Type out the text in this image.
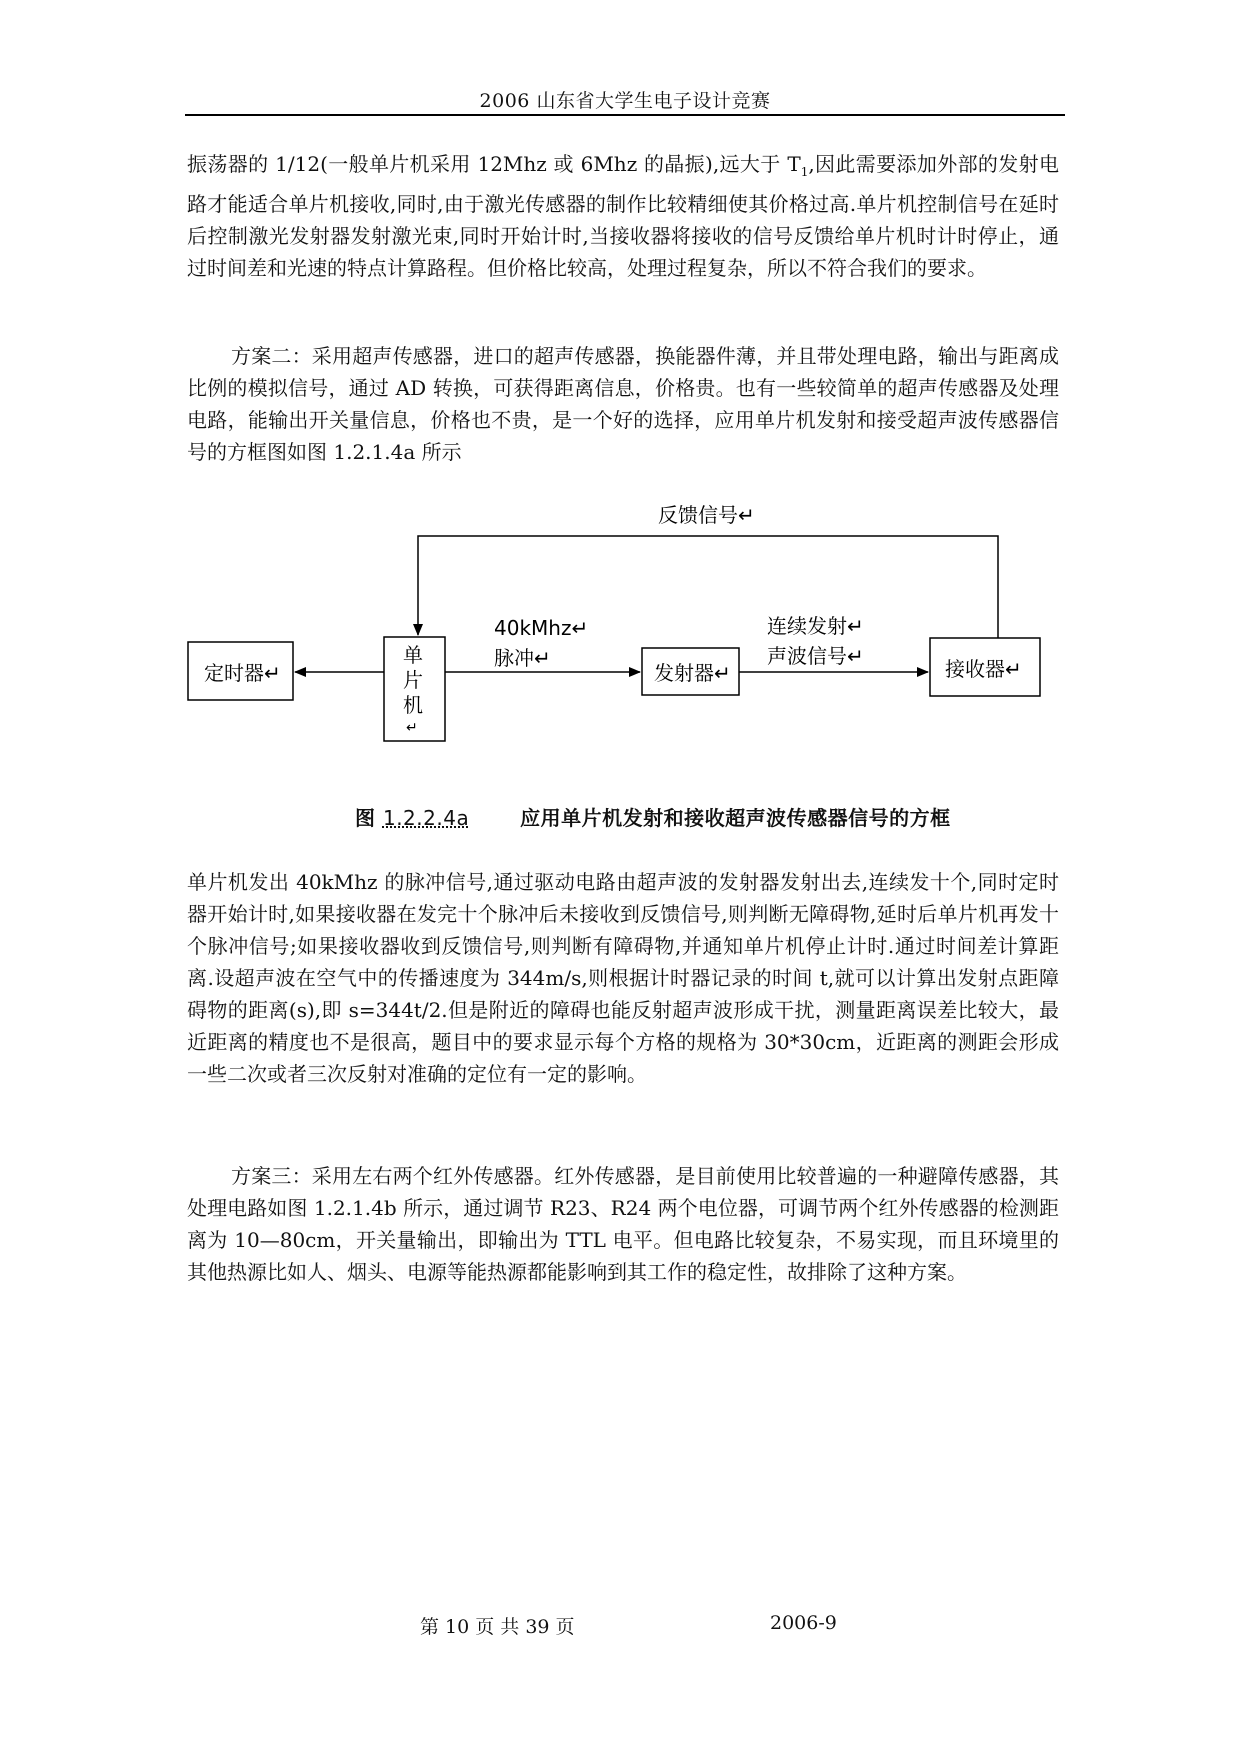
2006 山东省大学生电子设计竞赛

振荡器的 1/12(一般单片机采用 12Mhz 或 6Mhz 的晶振),远大于 $T_1$,因此需要添加外部的发射电路才能适合单片机接收,同时,由于激光传感器的制作比较精细使其价格过高.单片机控制信号在延时后控制激光发射器发射激光束,同时开始计时,当接收器将接收的信号反馈给单片机时计时停止，通过时间差和光速的特点计算路程。但价格比较高，处理过程复杂，所以不符合我们的要求。

方案二：采用超声传感器，进口的超声传感器，换能器件薄，并且带处理电路，输出与距离成比例的模拟信号，通过 AD 转换，可获得距离信息，价格贵。也有一些较简单的超声传感器及处理电路，能输出开关量信息，价格也不贵，是一个好的选择，应用单片机发射和接受超声波传感器信号的方框图如图 1.2.1.4a 所示

反馈信号↵
定时器↵
单
片
机
↵
40kMhz↵
脉冲↵
发射器↵
连续发射↵
声波信号↵
接收器↵
图 1.2.2.4a	应用单片机发射和接收超声波传感器信号的方框

单片机发出 40kMhz 的脉冲信号,通过驱动电路由超声波的发射器发射出去,连续发十个,同时定时器开始计时,如果接收器在发完十个脉冲后未接收到反馈信号,则判断无障碍物,延时后单片机再发十个脉冲信号;如果接收器收到反馈信号,则判断有障碍物,并通知单片机停止计时.通过时间差计算距离.设超声波在空气中的传播速度为 344m/s,则根据计时器记录的时间 t,就可以计算出发射点距障碍物的距离(s),即 s=344t/2.但是附近的障碍也能反射超声波形成干扰，测量距离误差比较大，最近距离的精度也不是很高，题目中的要求显示每个方格的规格为 30*30cm，近距离的测距会形成一些二次或者三次反射对准确的定位有一定的影响。

方案三：采用左右两个红外传感器。红外传感器，是目前使用比较普遍的一种避障传感器，其处理电路如图 1.2.1.4b 所示，通过调节 R23、R24 两个电位器，可调节两个红外传感器的检测距离为 10—80cm，开关量输出，即输出为 TTL 电平。但电路比较复杂，不易实现，而且环境里的其他热源比如人、烟头、电源等能热源都能影响到其工作的稳定性，故排除了这种方案。

第 10 页 共 39 页	2006-9
